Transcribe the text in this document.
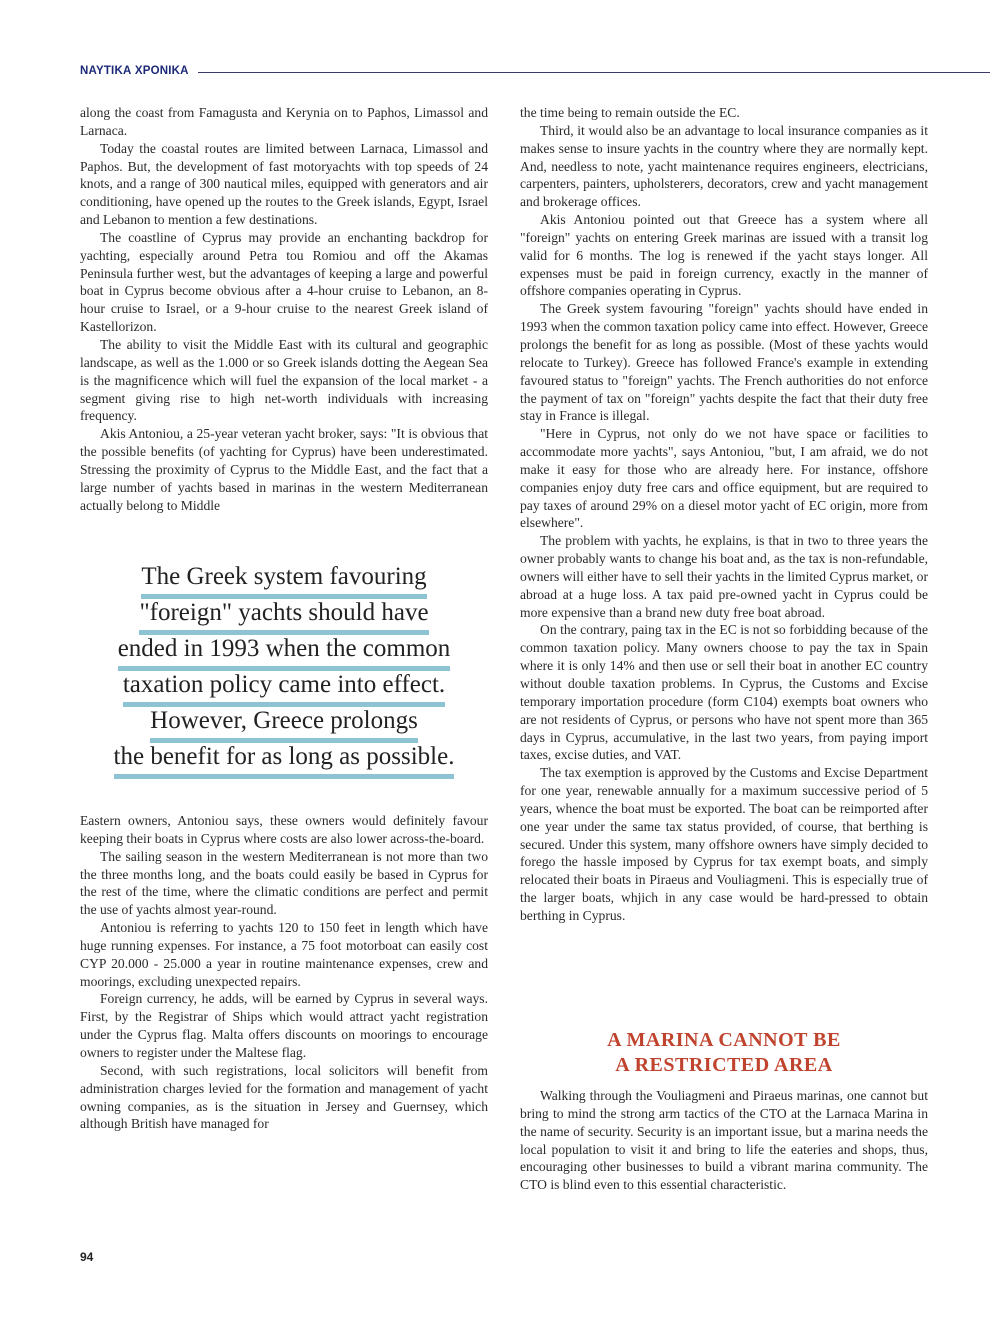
ΝΑΥΤΙΚΑ ΧΡΟΝΙΚΑ

along the coast from Famagusta and Kerynia on to Paphos, Limassol and Larnaca.

Today the coastal routes are limited between Larnaca, Limassol and Paphos. But, the development of fast motoryachts with top speeds of 24 knots, and a range of 300 nautical miles, equipped with generators and air conditioning, have opened up the routes to the Greek islands, Egypt, Israel and Lebanon to mention a few destinations.

The coastline of Cyprus may provide an enchanting backdrop for yachting, especially around Petra tou Romiou and off the Akamas Peninsula further west, but the advantages of keeping a large and powerful boat in Cyprus become obvious after a 4-hour cruise to Lebanon, an 8-hour cruise to Israel, or a 9-hour cruise to the nearest Greek island of Kastellorizon.

The ability to visit the Middle East with its cultural and geographic landscape, as well as the 1.000 or so Greek islands dotting the Aegean Sea is the magnificence which will fuel the expansion of the local market - a segment giving rise to high net-worth individuals with increasing frequency.

Akis Antoniou, a 25-year veteran yacht broker, says: "It is obvious that the possible benefits (of yachting for Cyprus) have been underestimated. Stressing the proximity of Cyprus to the Middle East, and the fact that a large number of yachts based in marinas in the western Mediterranean actually belong to Middle

The Greek system favouring
"foreign" yachts should have
ended in 1993 when the common
taxation policy came into effect.
However, Greece prolongs
the benefit for as long as possible.

Eastern owners, Antoniou says, these owners would definitely favour keeping their boats in Cyprus where costs are also lower across-the-board.

The sailing season in the western Mediterranean is not more than two the three months long, and the boats could easily be based in Cyprus for the rest of the time, where the climatic conditions are perfect and permit the use of yachts almost year-round.

Antoniou is referring to yachts 120 to 150 feet in length which have huge running expenses. For instance, a 75 foot motorboat can easily cost CYP 20.000 - 25.000 a year in routine maintenance expenses, crew and moorings, excluding unexpected repairs.

Foreign currency, he adds, will be earned by Cyprus in several ways. First, by the Registrar of Ships which would attract yacht registration under the Cyprus flag. Malta offers discounts on moorings to encourage owners to register under the Maltese flag.

Second, with such registrations, local solicitors will benefit from administration charges levied for the formation and management of yacht owning companies, as is the situation in Jersey and Guernsey, which although British have managed for

the time being to remain outside the EC.

Third, it would also be an advantage to local insurance companies as it makes sense to insure yachts in the country where they are normally kept. And, needless to note, yacht maintenance requires engineers, electricians, carpenters, painters, upholsterers, decorators, crew and yacht management and brokerage offices.

Akis Antoniou pointed out that Greece has a system where all "foreign" yachts on entering Greek marinas are issued with a transit log valid for 6 months. The log is renewed if the yacht stays longer. All expenses must be paid in foreign currency, exactly in the manner of offshore companies operating in Cyprus.

The Greek system favouring "foreign" yachts should have ended in 1993 when the common taxation policy came into effect. However, Greece prolongs the benefit for as long as possible. (Most of these yachts would relocate to Turkey). Greece has followed France's example in extending favoured status to "foreign" yachts. The French authorities do not enforce the payment of tax on "foreign" yachts despite the fact that their duty free stay in France is illegal.

"Here in Cyprus, not only do we not have space or facilities to accommodate more yachts", says Antoniou, "but, I am afraid, we do not make it easy for those who are already here. For instance, offshore companies enjoy duty free cars and office equipment, but are required to pay taxes of around 29% on a diesel motor yacht of EC origin, more from elsewhere".

The problem with yachts, he explains, is that in two to three years the owner probably wants to change his boat and, as the tax is non-refundable, owners will either have to sell their yachts in the limited Cyprus market, or abroad at a huge loss. A tax paid pre-owned yacht in Cyprus could be more expensive than a brand new duty free boat abroad.

On the contrary, paing tax in the EC is not so forbidding because of the common taxation policy. Many owners choose to pay the tax in Spain where it is only 14% and then use or sell their boat in another EC country without double taxation problems. In Cyprus, the Customs and Excise temporary importation procedure (form C104) exempts boat owners who are not residents of Cyprus, or persons who have not spent more than 365 days in Cyprus, accumulative, in the last two years, from paying import taxes, excise duties, and VAT.

The tax exemption is approved by the Customs and Excise Department for one year, renewable annually for a maximum successive period of 5 years, whence the boat must be exported. The boat can be reimported after one year under the same tax status provided, of course, that berthing is secured. Under this system, many offshore owners have simply decided to forego the hassle imposed by Cyprus for tax exempt boats, and simply relocated their boats in Piraeus and Vouliagmeni. This is especially true of the larger boats, whjich in any case would be hard-pressed to obtain berthing in Cyprus.

A MARINA CANNOT BE
A RESTRICTED AREA

Walking through the Vouliagmeni and Piraeus marinas, one cannot but bring to mind the strong arm tactics of the CTO at the Larnaca Marina in the name of security. Security is an important issue, but a marina needs the local population to visit it and bring to life the eateries and shops, thus, encouraging other businesses to build a vibrant marina community. The CTO is blind even to this essential characteristic.

94
